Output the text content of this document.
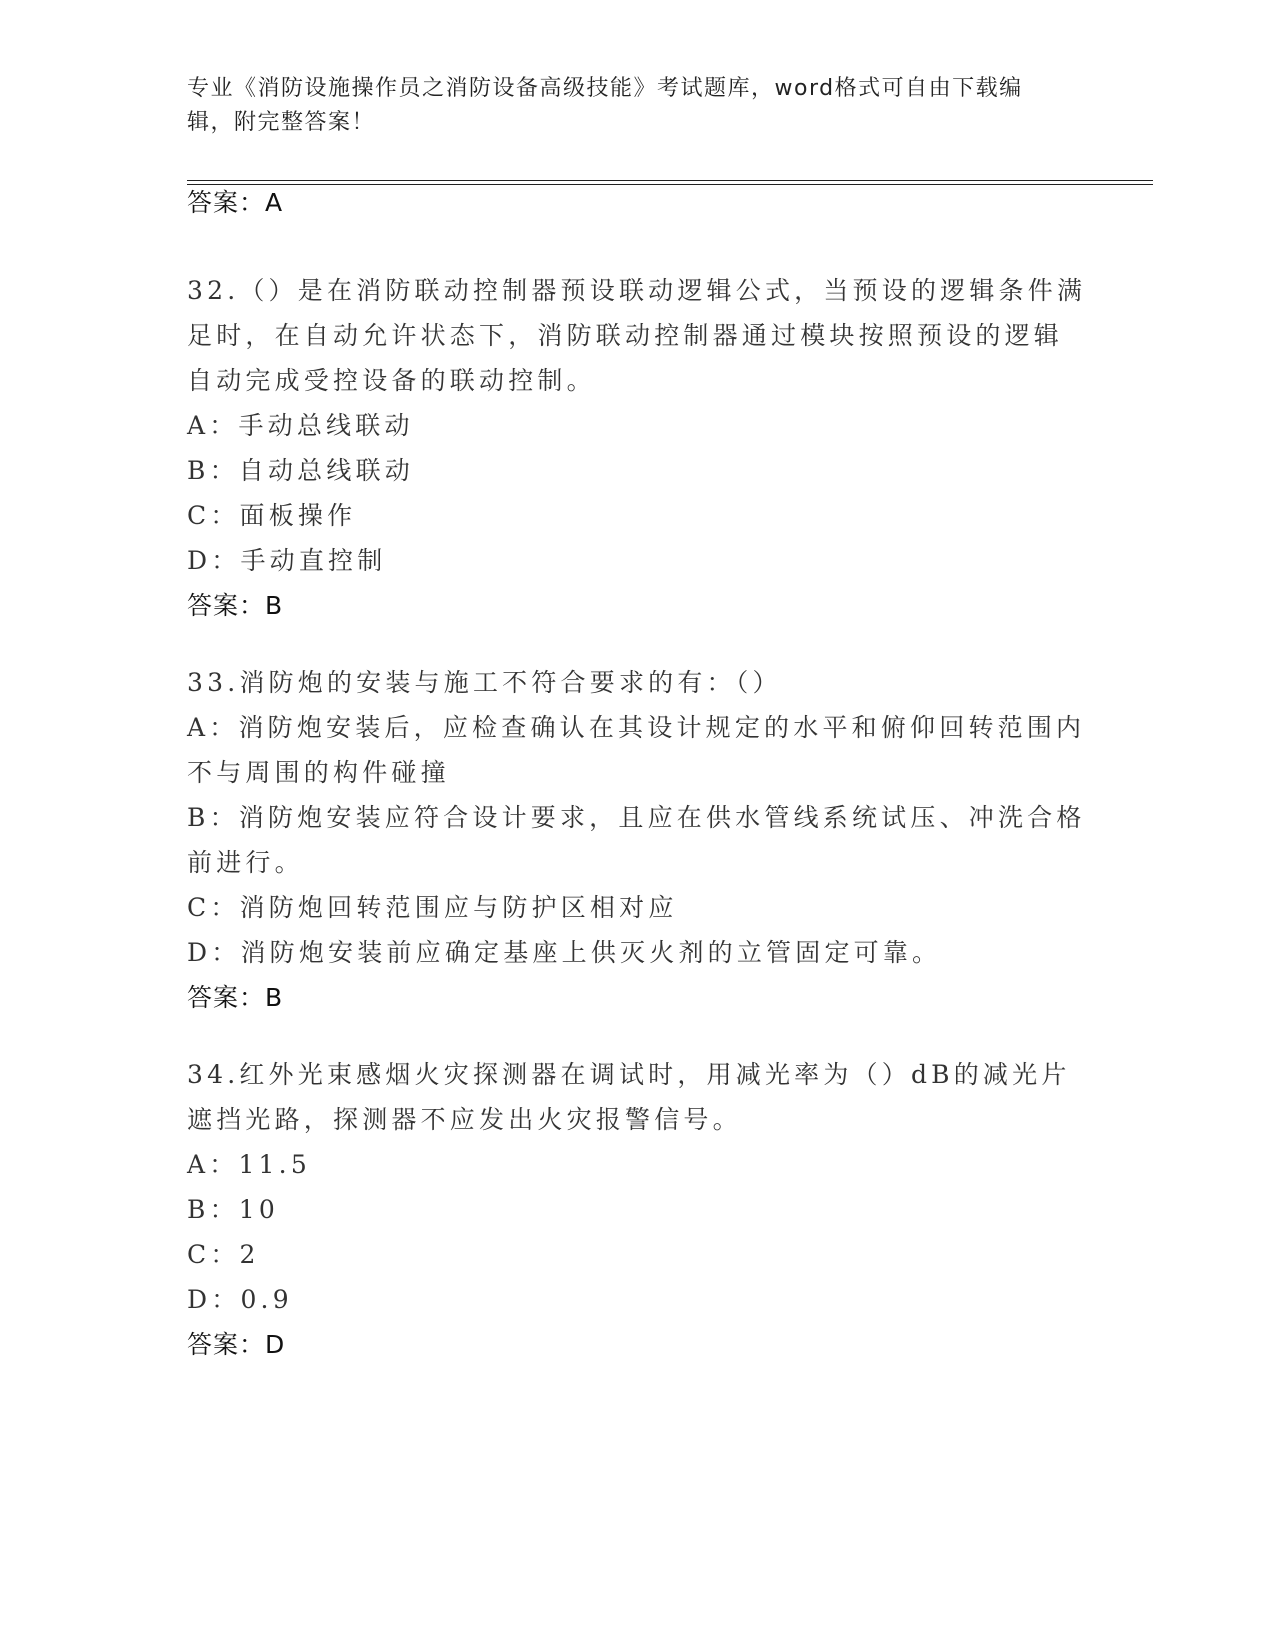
专业《消防设施操作员之消防设备高级技能》考试题库，word格式可自由下载编辑，附完整答案！
答案：A
32.（）是在消防联动控制器预设联动逻辑公式，当预设的逻辑条件满足时，在自动允许状态下，消防联动控制器通过模块按照预设的逻辑自动完成受控设备的联动控制。
A：手动总线联动
B：自动总线联动
C：面板操作
D：手动直控制
答案：B
33.消防炮的安装与施工不符合要求的有：（）
A：消防炮安装后，应检查确认在其设计规定的水平和俯仰回转范围内不与周围的构件碰撞
B：消防炮安装应符合设计要求，且应在供水管线系统试压、冲洗合格前进行。
C：消防炮回转范围应与防护区相对应
D：消防炮安装前应确定基座上供灭火剂的立管固定可靠。
答案：B
34.红外光束感烟火灾探测器在调试时，用减光率为（）dB的减光片遮挡光路，探测器不应发出火灾报警信号。
A：11.5
B：10
C：2
D：0.9
答案：D
